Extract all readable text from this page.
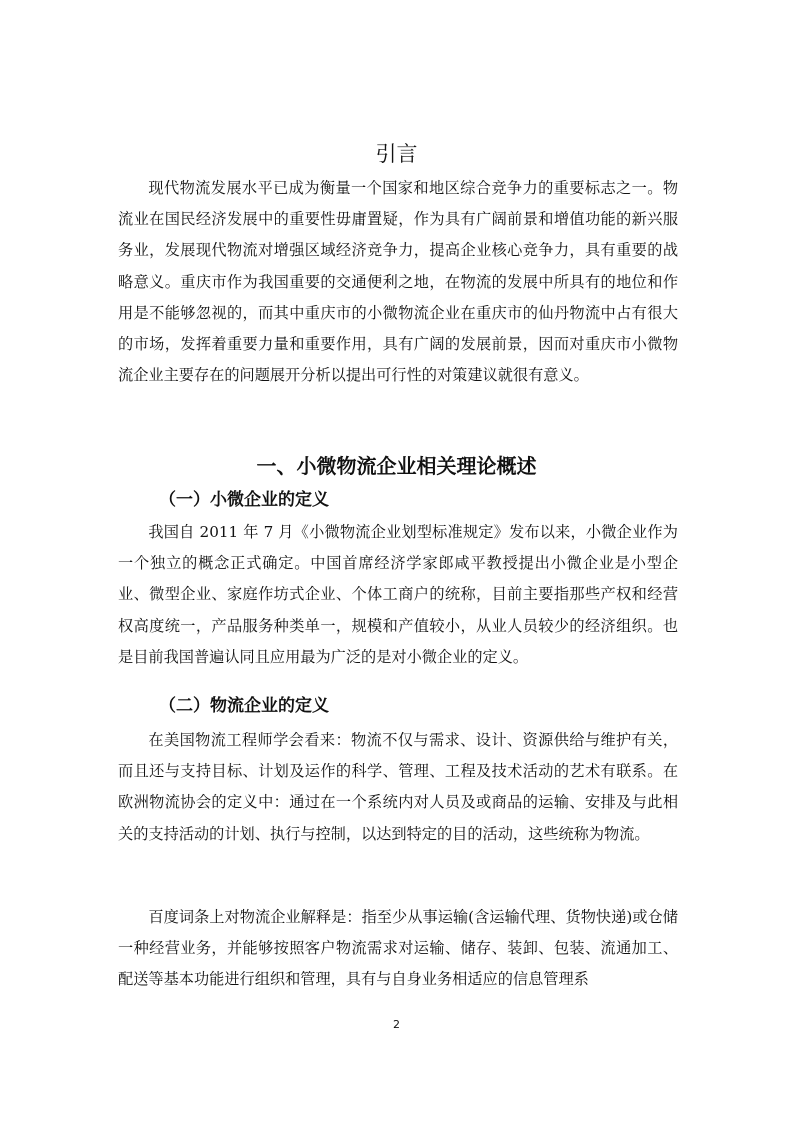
引言

现代物流发展水平已成为衡量一个国家和地区综合竞争力的重要标志之一。物流业在国民经济发展中的重要性毋庸置疑，作为具有广阔前景和增值功能的新兴服务业，发展现代物流对增强区域经济竞争力，提高企业核心竞争力，具有重要的战略意义。重庆市作为我国重要的交通便利之地，在物流的发展中所具有的地位和作用是不能够忽视的，而其中重庆市的小微物流企业在重庆市的仙丹物流中占有很大的市场，发挥着重要力量和重要作用，具有广阔的发展前景，因而对重庆市小微物流企业主要存在的问题展开分析以提出可行性的对策建议就很有意义。

一、小微物流企业相关理论概述
（一）小微企业的定义

我国自 2011 年 7 月《小微物流企业划型标准规定》发布以来，小微企业作为一个独立的概念正式确定。中国首席经济学家郎咸平教授提出小微企业是小型企业、微型企业、家庭作坊式企业、个体工商户的统称，目前主要指那些产权和经营权高度统一，产品服务种类单一，规模和产值较小，从业人员较少的经济组织。也是目前我国普遍认同且应用最为广泛的是对小微企业的定义。

（二）物流企业的定义

在美国物流工程师学会看来：物流不仅与需求、设计、资源供给与维护有关，而且还与支持目标、计划及运作的科学、管理、工程及技术活动的艺术有联系。在欧洲物流协会的定义中：通过在一个系统内对人员及或商品的运输、安排及与此相关的支持活动的计划、执行与控制，以达到特定的目的活动，这些统称为物流。

百度词条上对物流企业解释是：指至少从事运输(含运输代理、货物快递)或仓储一种经营业务，并能够按照客户物流需求对运输、储存、装卸、包装、流通加工、配送等基本功能进行组织和管理，具有与自身业务相适应的信息管理系

2
